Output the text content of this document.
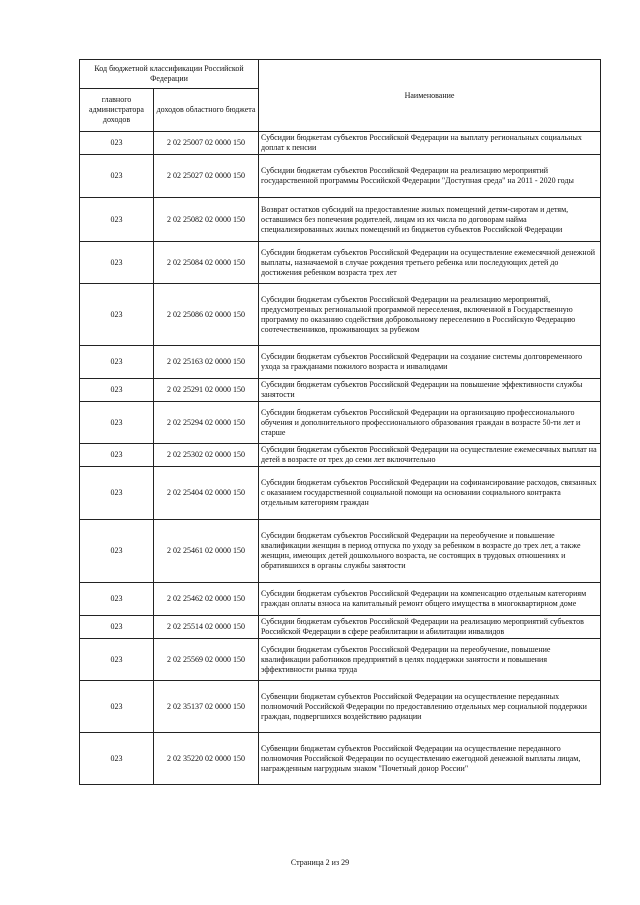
Код бюджетной классификации Российской Федерации		Наименование
главного администратора доходов	доходов областного бюджета	
023	2 02 25007 02 0000 150	Субсидии бюджетам субъектов Российской Федерации на выплату региональных социальных доплат к пенсии
023	2 02 25027 02 0000 150	Субсидии бюджетам субъектов Российской Федерации на реализацию мероприятий государственной программы Российской Федерации "Доступная среда" на 2011 - 2020 годы
023	2 02 25082 02 0000 150	Возврат остатков субсидий на предоставление жилых помещений детям-сиротам и детям, оставшимся без попечения родителей, лицам из их числа по договорам найма специализированных жилых помещений из бюджетов субъектов Российской Федерации
023	2 02 25084 02 0000 150	Субсидии бюджетам субъектов Российской Федерации на осуществление ежемесячной денежной выплаты, назначаемой в случае рождения третьего ребенка или последующих детей до достижения ребенком возраста трех лет
023	2 02 25086 02 0000 150	Субсидии бюджетам субъектов Российской Федерации на реализацию мероприятий, предусмотренных региональной программой переселения, включенной в Государственную программу по оказанию содействия добровольному переселению в Российскую Федерацию соотечественников, проживающих за рубежом
023	2 02 25163 02 0000 150	Субсидии бюджетам субъектов Российской Федерации на создание системы долговременного ухода за гражданами пожилого возраста и инвалидами
023	2 02 25291 02 0000 150	Субсидии бюджетам субъектов Российской Федерации на повышение эффективности службы занятости
023	2 02 25294 02 0000 150	Субсидии бюджетам субъектов Российской Федерации на организацию профессионального обучения и дополнительного профессионального образования граждан в возрасте 50-ти лет и старше
023	2 02 25302 02 0000 150	Субсидии бюджетам субъектов Российской Федерации на осуществление ежемесячных выплат на детей в возрасте от трех до семи лет включительно
023	2 02 25404 02 0000 150	Субсидии бюджетам субъектов Российской Федерации на софинансирование расходов, связанных с оказанием государственной социальной помощи на основании социального контракта отдельным категориям граждан
023	2 02 25461 02 0000 150	Субсидии бюджетам субъектов Российской Федерации на переобучение и повышение квалификации женщин в период отпуска по уходу за ребенком в возрасте до трех лет, а также женщин, имеющих детей дошкольного возраста, не состоящих в трудовых отношениях и обратившихся в органы службы занятости
023	2 02 25462 02 0000 150	Субсидии бюджетам субъектов Российской Федерации на компенсацию отдельным категориям граждан оплаты взноса на капитальный ремонт общего имущества в многоквартирном доме
023	2 02 25514 02 0000 150	Субсидии бюджетам субъектов Российской Федерации на реализацию мероприятий субъектов Российской Федерации в сфере реабилитации и абилитации инвалидов
023	2 02 25569 02 0000 150	Субсидии бюджетам субъектов Российской Федерации на переобучение, повышение квалификации работников предприятий в целях поддержки занятости и повышения эффективности рынка труда
023	2 02 35137 02 0000 150	Субвенции бюджетам субъектов Российской Федерации на осуществление переданных полномочий Российской Федерации по предоставлению отдельных мер социальной поддержки граждан, подвергшихся воздействию радиации
023	2 02 35220 02 0000 150	Субвенции бюджетам субъектов Российской Федерации на осуществление переданного полномочия Российской Федерации по осуществлению ежегодной денежной выплаты лицам, награжденным нагрудным знаком "Почетный донор России"
Страница 2 из 29
